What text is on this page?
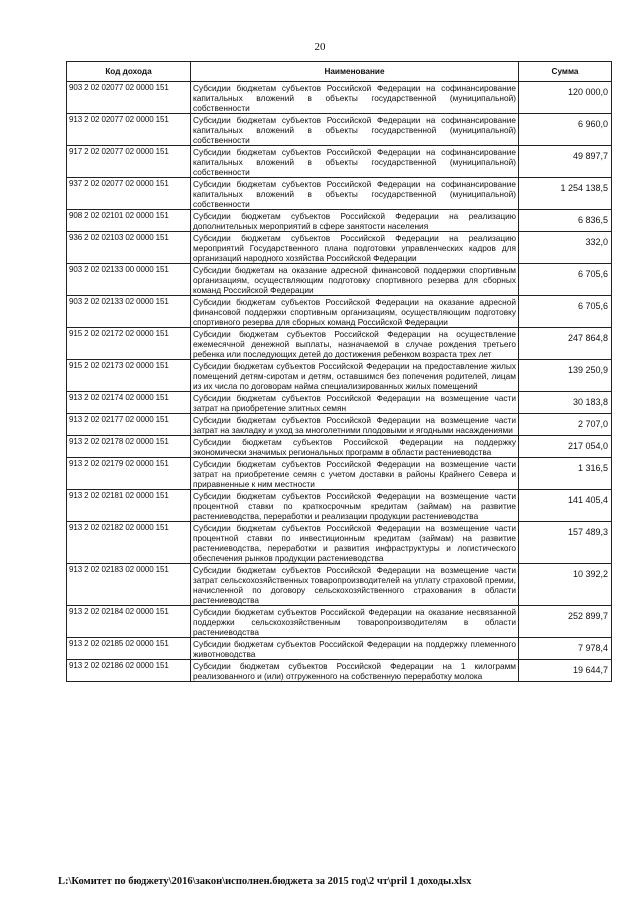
20
Код дохода	Наименование	Сумма
903 2 02 02077 02 0000 151	Субсидии бюджетам субъектов Российской Федерации на софинансирование капитальных вложений в объекты государственной (муниципальной) собственности	120 000,0
913 2 02 02077 02 0000 151	Субсидии бюджетам субъектов Российской Федерации на софинансирование капитальных вложений в объекты государственной (муниципальной) собственности	6 960,0
917 2 02 02077 02 0000 151	Субсидии бюджетам субъектов Российской Федерации на софинансирование капитальных вложений в объекты государственной (муниципальной) собственности	49 897,7
937 2 02 02077 02 0000 151	Субсидии бюджетам субъектов Российской Федерации на софинансирование капитальных вложений в объекты государственной (муниципальной) собственности	1 254 138,5
908 2 02 02101 02 0000 151	Субсидии бюджетам субъектов Российской Федерации на реализацию дополнительных мероприятий в сфере занятости населения	6 836,5
936 2 02 02103 02 0000 151	Субсидии бюджетам субъектов Российской Федерации на реализацию мероприятий Государственного плана подготовки управленческих кадров для организаций народного хозяйства Российской Федерации	332,0
903 2 02 02133 00 0000 151	Субсидии бюджетам на оказание адресной финансовой поддержки спортивным организациям, осуществляющим подготовку спортивного резерва для сборных команд Российской Федерации	6 705,6
903 2 02 02133 02 0000 151	Субсидии бюджетам субъектов Российской Федерации на оказание адресной финансовой поддержки спортивным организациям, осуществляющим подготовку спортивного резерва для сборных команд Российской Федерации	6 705,6
915 2 02 02172 02 0000 151	Субсидии бюджетам субъектов Российской Федерации на осуществление ежемесячной денежной выплаты, назначаемой в случае рождения третьего ребенка или последующих детей до достижения ребенком возраста трех лет	247 864,8
915 2 02 02173 02 0000 151	Субсидии бюджетам субъектов Российской Федерации на предоставление жилых помещений детям-сиротам и детям, оставшимся без попечения родителей, лицам из их числа по договорам найма специализированных жилых помещений	139 250,9
913 2 02 02174 02 0000 151	Субсидии бюджетам субъектов Российской Федерации на возмещение части затрат на приобретение элитных семян	30 183,8
913 2 02 02177 02 0000 151	Субсидии бюджетам субъектов Российской Федерации на возмещение части затрат на закладку и уход за многолетними плодовыми и ягодными насаждениями	2 707,0
913 2 02 02178 02 0000 151	Субсидии бюджетам субъектов Российской Федерации на поддержку экономически значимых региональных программ в области растениеводства	217 054,0
913 2 02 02179 02 0000 151	Субсидии бюджетам субъектов Российской Федерации на возмещение части затрат на приобретение семян с учетом доставки в районы Крайнего Севера и приравненные к ним местности	1 316,5
913 2 02 02181 02 0000 151	Субсидии бюджетам субъектов Российской Федерации на возмещение части процентной ставки по краткосрочным кредитам (займам) на развитие растениеводства, переработки и реализации продукции растениеводства	141 405,4
913 2 02 02182 02 0000 151	Субсидии бюджетам субъектов Российской Федерации на возмещение части процентной ставки по инвестиционным кредитам (займам) на развитие растениеводства, переработки и развития инфраструктуры и логистического обеспечения рынков продукции растениеводства	157 489,3
913 2 02 02183 02 0000 151	Субсидии бюджетам субъектов Российской Федерации на возмещение части затрат сельскохозяйственных товаропроизводителей на уплату страховой премии, начисленной по договору сельскохозяйственного страхования в области растениеводства	10 392,2
913 2 02 02184 02 0000 151	Субсидии бюджетам субъектов Российской Федерации на оказание несвязанной поддержки сельскохозяйственным товаропроизводителям в области растениеводства	252 899,7
913 2 02 02185 02 0000 151	Субсидии бюджетам субъектов Российской Федерации на поддержку племенного животноводства	7 978,4
913 2 02 02186 02 0000 151	Субсидии бюджетам субъектов Российской Федерации на 1 килограмм реализованного и (или) отгруженного на собственную переработку молока	19 644,7
L:\Комитет по бюджету\2016\закон\исполнен.бюджета за 2015 год\2 чт\pril 1 доходы.xlsx
